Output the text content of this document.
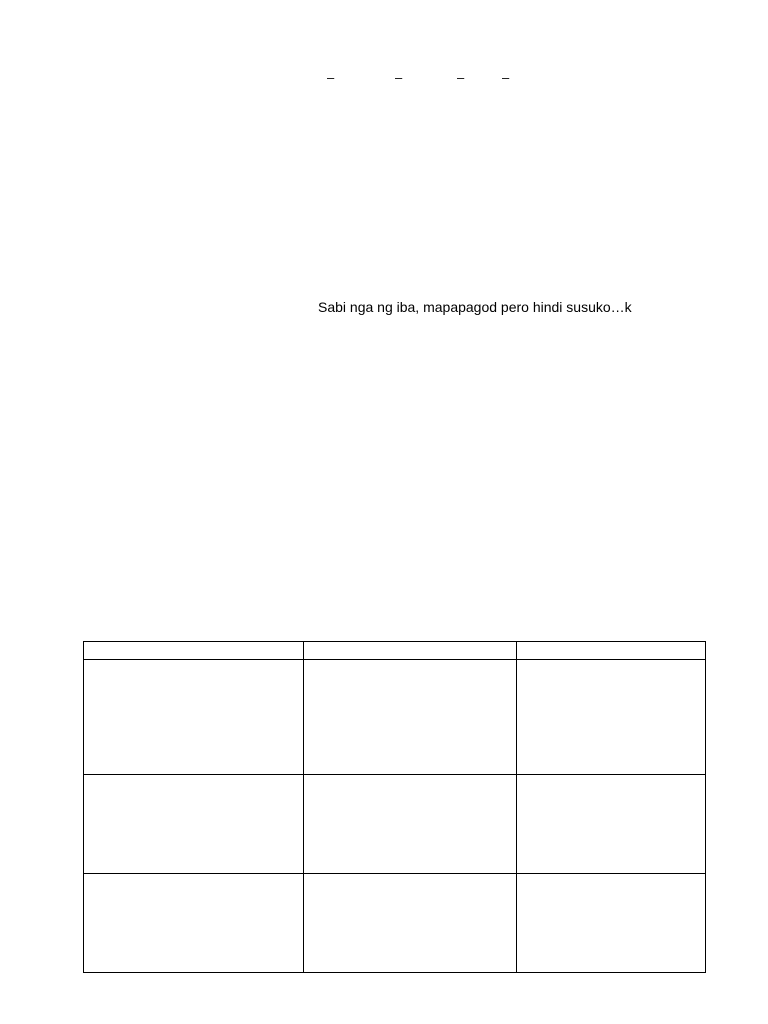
–	–	–	–
Sabi nga ng iba, mapapagod pero hindi susuko…k
